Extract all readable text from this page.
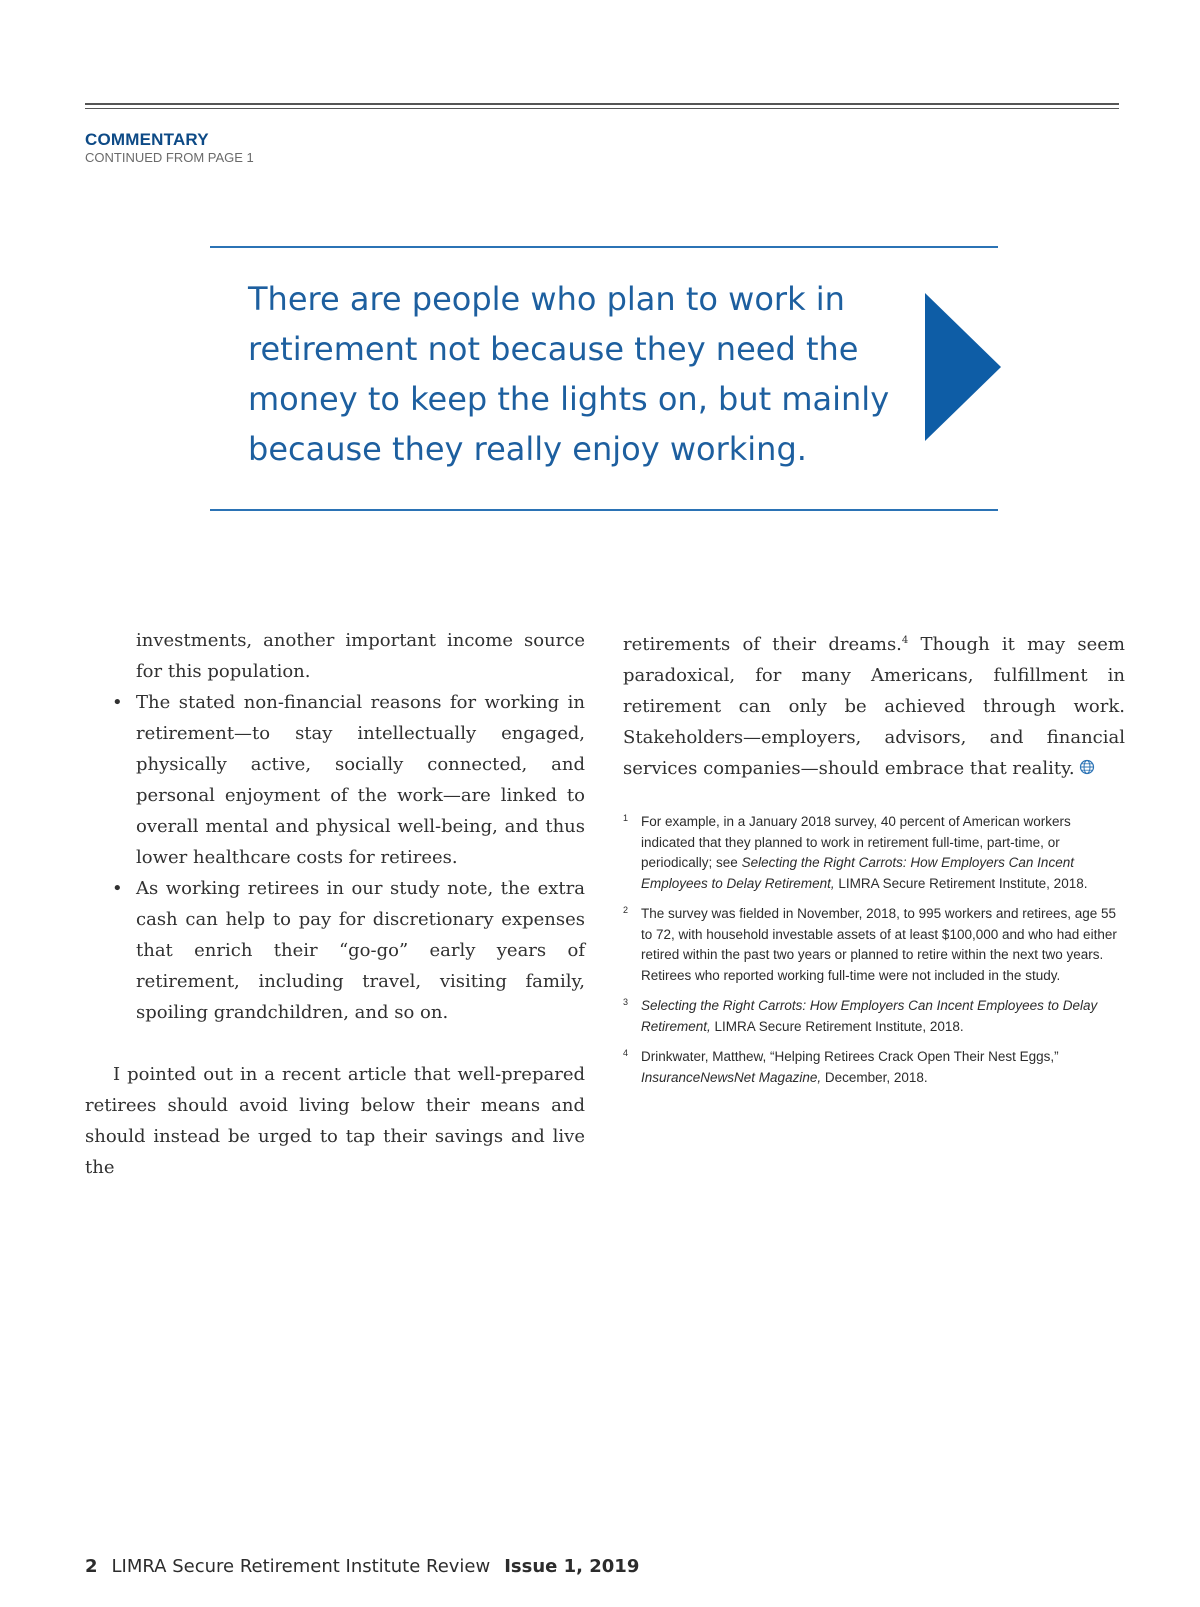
COMMENTARY
CONTINUED FROM PAGE 1

There are people who plan to work in retirement not because they need the money to keep the lights on, but mainly because they really enjoy working.

investments, another important income source for this population.

• The stated non-financial reasons for working in retirement—to stay intellectually engaged, physically active, socially connected, and personal enjoyment of the work—are linked to overall mental and physical well-being, and thus lower healthcare costs for retirees.
• As working retirees in our study note, the extra cash can help to pay for discretionary expenses that enrich their “go-go” early years of retirement, including travel, visiting family, spoiling grandchildren, and so on.

I pointed out in a recent article that well-prepared retirees should avoid living below their means and should instead be urged to tap their savings and live the

retirements of their dreams.$^4$ Though it may seem paradoxical, for many Americans, fulfillment in retirement can only be achieved through work. Stakeholders—employers, advisors, and financial services companies—should embrace that reality.

1 For example, in a January 2018 survey, 40 percent of American workers indicated that they planned to work in retirement full-time, part-time, or periodically; see Selecting the Right Carrots: How Employers Can Incent Employees to Delay Retirement, LIMRA Secure Retirement Institute, 2018.
2 The survey was fielded in November, 2018, to 995 workers and retirees, age 55 to 72, with household investable assets of at least $100,000 and who had either retired within the past two years or planned to retire within the next two years. Retirees who reported working full-time were not included in the study.
3 Selecting the Right Carrots: How Employers Can Incent Employees to Delay Retirement, LIMRA Secure Retirement Institute, 2018.
4 Drinkwater, Matthew, “Helping Retirees Crack Open Their Nest Eggs,” InsuranceNewsNet Magazine, December, 2018.
2 LIMRA Secure Retirement Institute Review Issue 1, 2019
